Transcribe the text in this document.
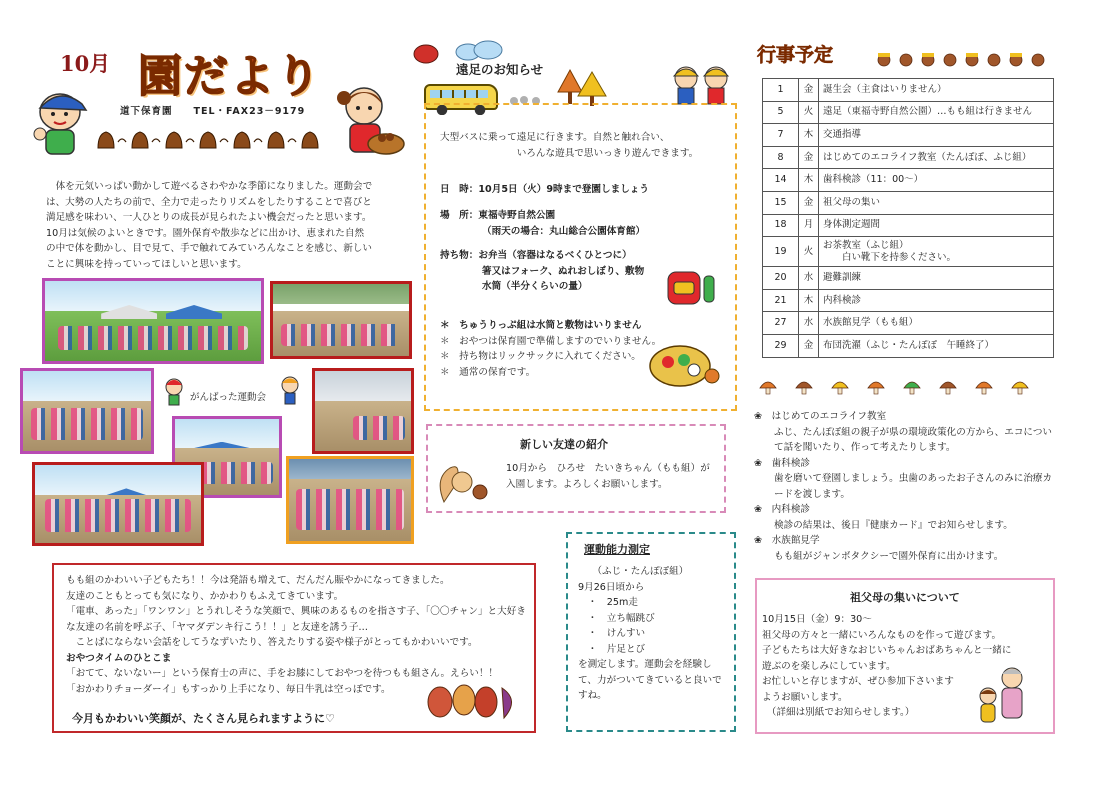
10月 園だより
道下保育園　　TEL・FAX23－9179

　体を元気いっぱい動かして遊べるさわやかな季節になりました。運動会で

は、大勢の人たちの前で、全力で走ったりリズムをしたりすることで喜びと

満足感を味わい、一人ひとりの成長が見られたよい機会だったと思います。

10月は気候のよいときです。園外保育や散歩などに出かけ、恵まれた自然

の中で体を動かし、目で見て、手で触れてみていろんなことを感じ、新しい

ことに興味を持っていってほしいと思います。

がんばった運動会

もも組のかわいい子どもたち！！今は発語も増えて、だんだん賑やかになってきました。

友達のこともとっても気になり、かかわりもふえてきています。

「電車、あった」「ワンワン」とうれしそうな笑顔で、興味のあるものを指さす子、「〇〇チャン」と大好き

な友達の名前を呼ぶ子、「ヤマダデンキ行こう！！」と友達を誘う子…

　ことばにならない会話をしてうなずいたり、答えたりする姿や様子がとってもかわいいです。

おやつタイムのひとこま

「おてて、ないないー」という保育士の声に、手をお膝にしておやつを待つもも組さん。えらい！！

「おかわりチョーダーイ」もすっかり上手になり、毎日牛乳は空っぽです。

今月もかわいい笑顔が、たくさん見られますように♡
遠足のお知らせ

大型バスに乗って遠足に行きます。自然と触れ合い、

　　　　　　　　いろんな遊具で思いっきり遊んできます。

日　時：10月5日（火）9時まで登園しましょう

場　所：東福寺野自然公園

（雨天の場合：丸山総合公園体育館）

持ち物：お弁当（容器はなるべくひとつに）

箸又はフォーク、ぬれおしぼり、敷物

水筒（半分くらいの量）

＊　ちゅうりっぷ組は水筒と敷物はいりません

＊　おやつは保育園で準備しますのでいりません。

＊　持ち物はリックサックに入れてください。

＊　通常の保育です。

新しい友達の紹介

10月から　ひろせ　たいきちゃん（もも組）が

入園します。よろしくお願いします。

運動能力測定

　　（ふじ・たんぽぽ組）

9月26日頃から

　・　25m走

　・　立ち幅跳び

　・　けんすい

　・　片足とび

を測定します。運動会を経験し

て、力がついてきていると良いで

すね。

行事予定
1	金	誕生会（主食はいりません）
5	火	遠足（東福寺野自然公園）…もも組は行きません
7	木	交通指導
8	金	はじめてのエコライフ教室（たんぽぽ、ふじ組）
14	木	歯科検診（11：00～）
15	金	祖父母の集い
18	月	身体測定週間
19	火	お茶教室（ふじ組）
　　白い靴下を持参ください。

20	水	避難訓練
21	木	内科検診
27	水	水族館見学（もも組）
29	金	布団洗濯（ふじ・たんぽぽ　午睡終了）

❀　はじめてのエコライフ教室

ふじ、たんぽぽ組の親子が県の環境政策化の方から、エコについ

て話を聞いたり、作って考えたりします。

❀　歯科検診

歯を磨いて登園しましょう。虫歯のあったお子さんのみに治療カ

ードを渡します。

❀　内科検診

検診の結果は、後日『健康カード』でお知らせします。

❀　水族館見学

もも組がジャンボタクシーで園外保育に出かけます。

祖父母の集いについて

10月15日（金）9：30～

祖父母の方々と一緒にいろんなものを作って遊びます。

子どもたちは大好きなおじいちゃんおばあちゃんと一緒に

遊ぶのを楽しみにしています。

お忙しいと存じますが、ぜひ参加下さいます

ようお願いします。

　（詳細は別紙でお知らせします。）
